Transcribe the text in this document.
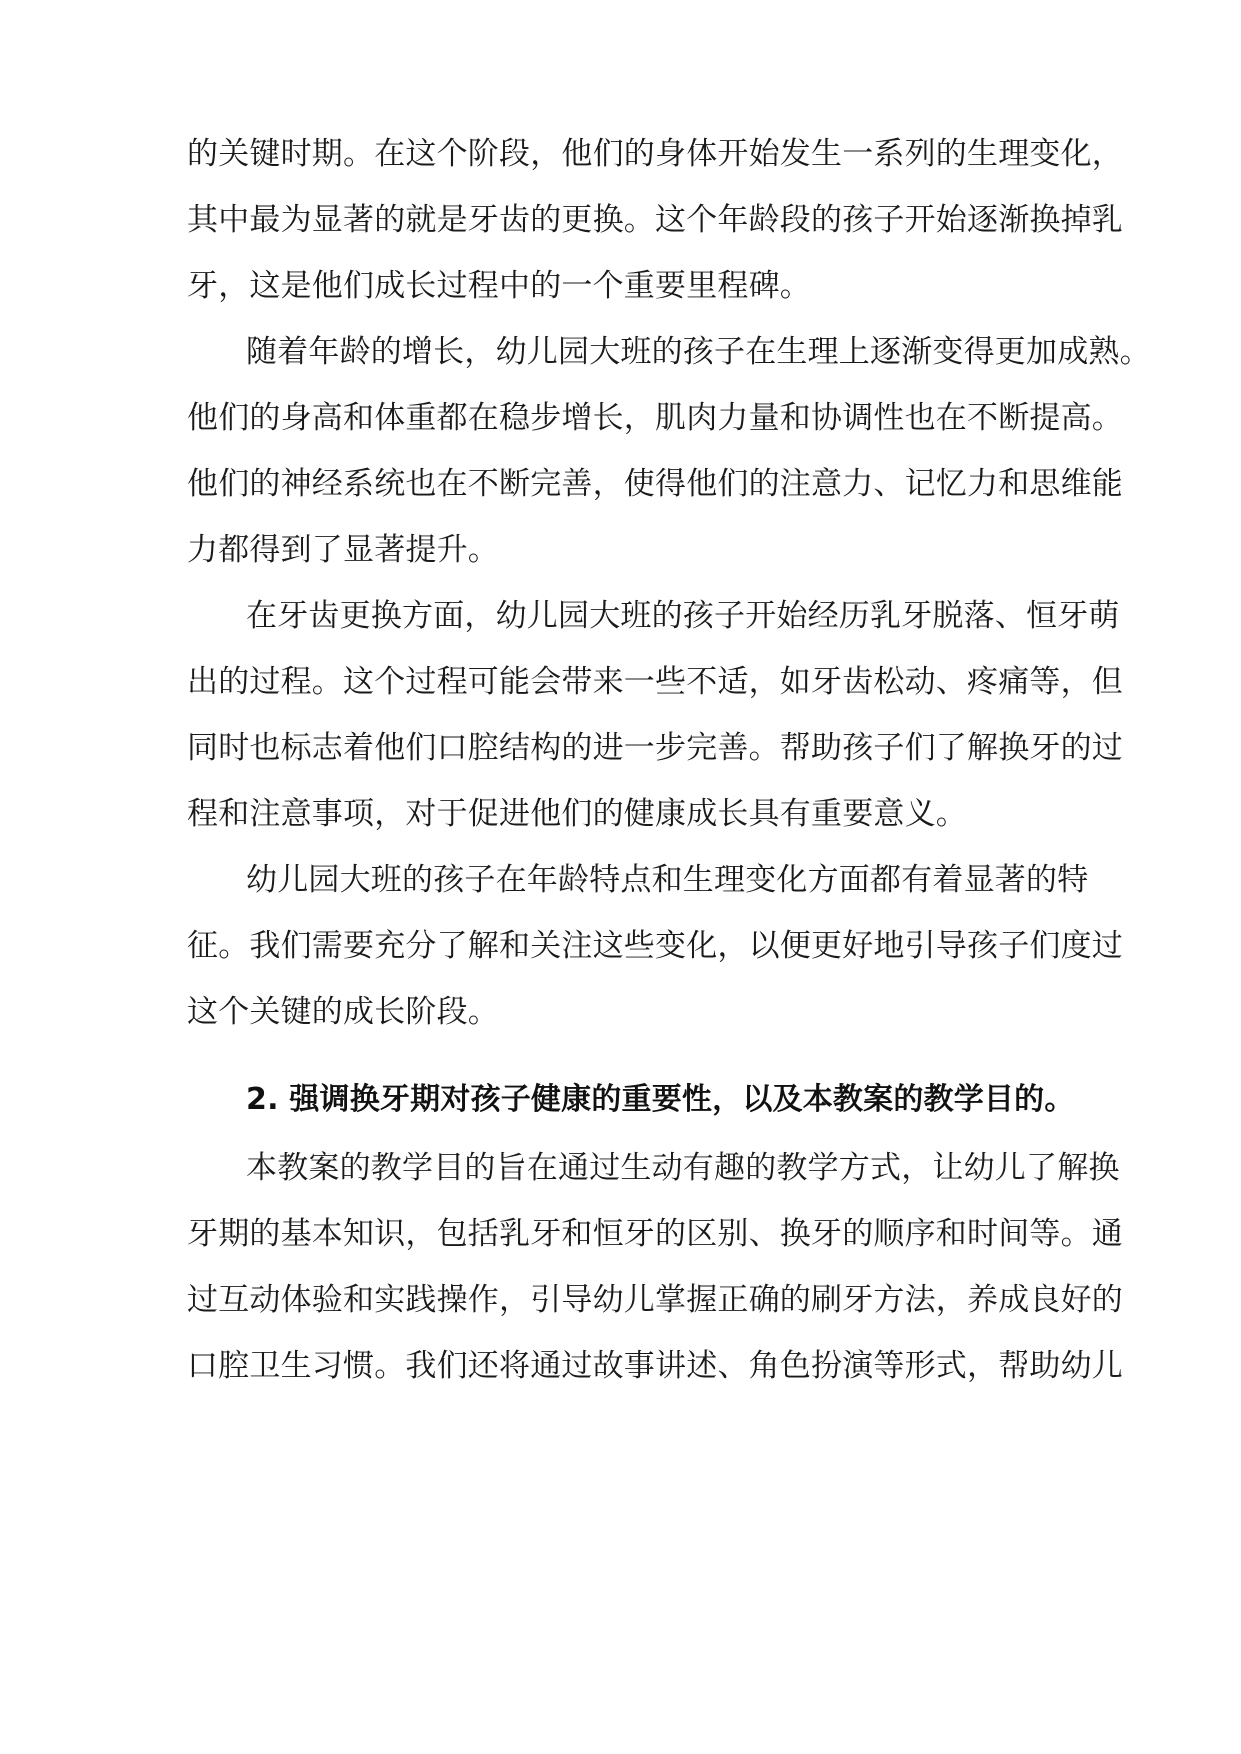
的关键时期。在这个阶段，他们的身体开始发生一系列的生理变化，
其中最为显著的就是牙齿的更换。这个年龄段的孩子开始逐渐换掉乳
牙，这是他们成长过程中的一个重要里程碑。
随着年龄的增长，幼儿园大班的孩子在生理上逐渐变得更加成熟。
他们的身高和体重都在稳步增长，肌肉力量和协调性也在不断提高。
他们的神经系统也在不断完善，使得他们的注意力、记忆力和思维能
力都得到了显著提升。
在牙齿更换方面，幼儿园大班的孩子开始经历乳牙脱落、恒牙萌
出的过程。这个过程可能会带来一些不适，如牙齿松动、疼痛等，但
同时也标志着他们口腔结构的进一步完善。帮助孩子们了解换牙的过
程和注意事项，对于促进他们的健康成长具有重要意义。
幼儿园大班的孩子在年龄特点和生理变化方面都有着显著的特
征。我们需要充分了解和关注这些变化，以便更好地引导孩子们度过
这个关键的成长阶段。
2. 强调换牙期对孩子健康的重要性，以及本教案的教学目的。
本教案的教学目的旨在通过生动有趣的教学方式，让幼儿了解换
牙期的基本知识，包括乳牙和恒牙的区别、换牙的顺序和时间等。通
过互动体验和实践操作，引导幼儿掌握正确的刷牙方法，养成良好的
口腔卫生习惯。我们还将通过故事讲述、角色扮演等形式，帮助幼儿
